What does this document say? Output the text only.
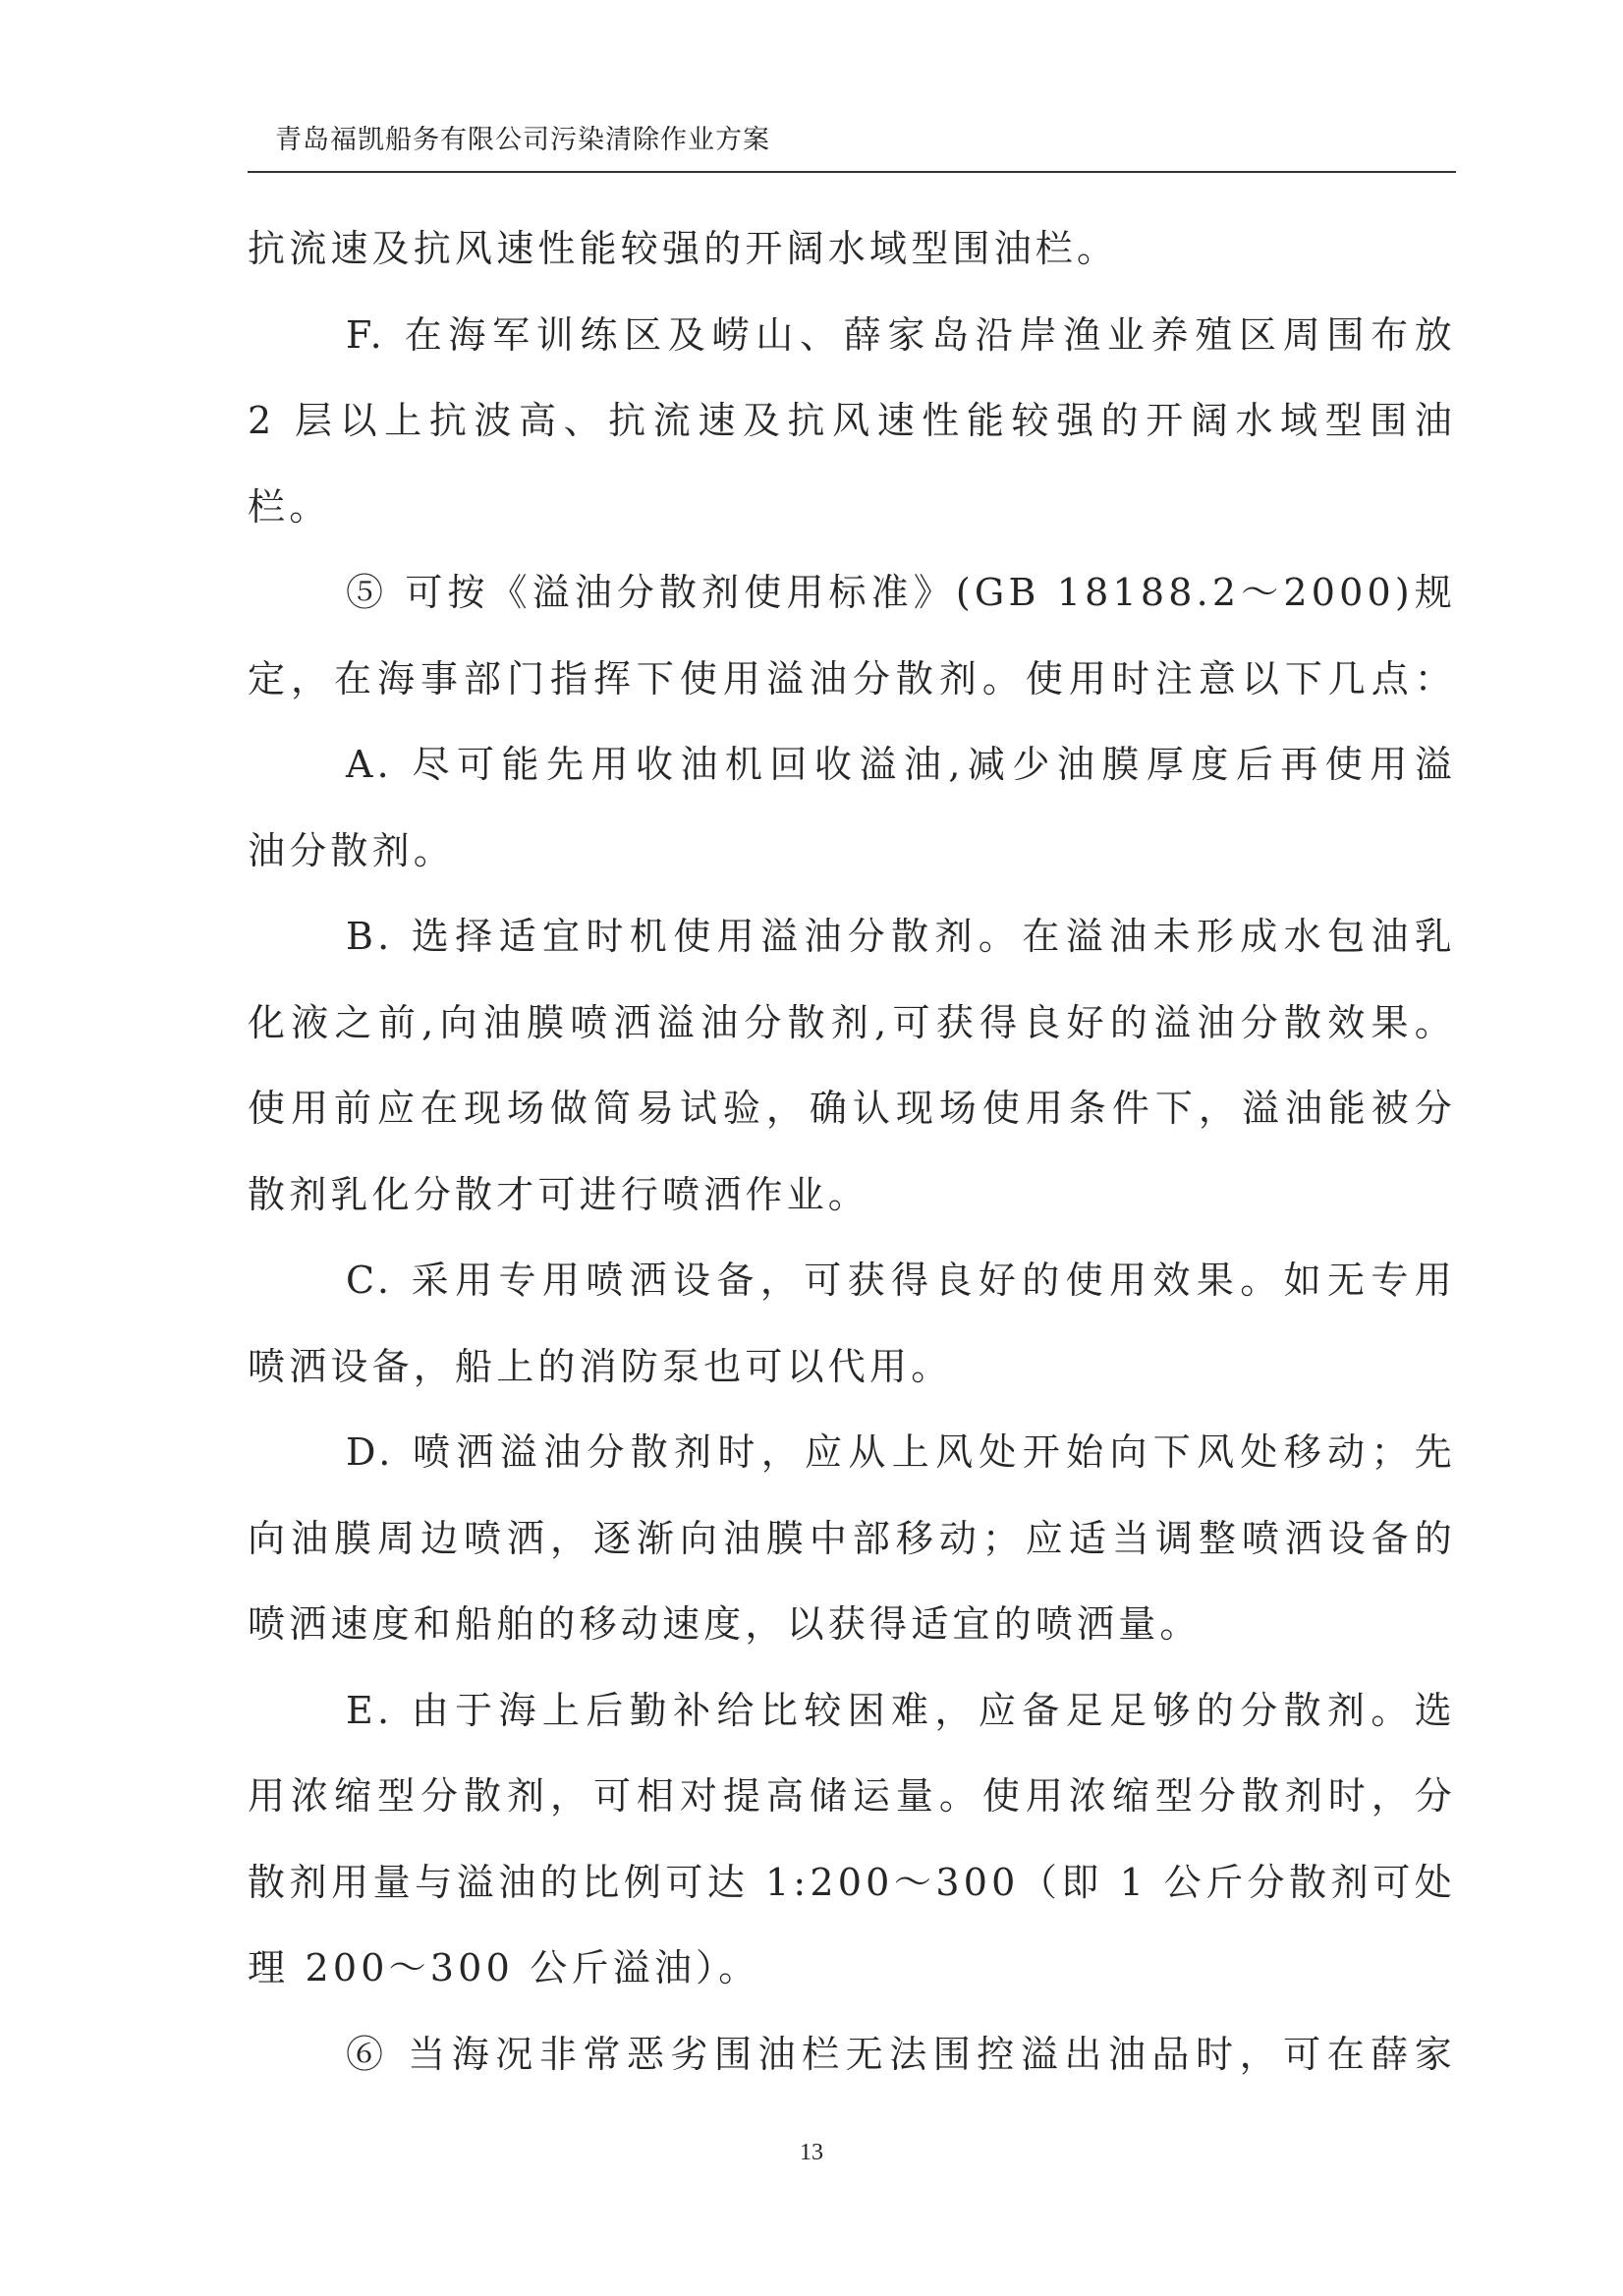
青岛福凯船务有限公司污染清除作业方案
抗流速及抗风速性能较强的开阔水域型围油栏。
F. 在海军训练区及崂山、薛家岛沿岸渔业养殖区周围布放
2 层以上抗波高、抗流速及抗风速性能较强的开阔水域型围油
栏。
⑤ 可按《溢油分散剂使用标准》(GB 18188.2～2000)规
定，在海事部门指挥下使用溢油分散剂。使用时注意以下几点：
A. 尽可能先用收油机回收溢油,减少油膜厚度后再使用溢
油分散剂。
B. 选择适宜时机使用溢油分散剂。在溢油未形成水包油乳
化液之前,向油膜喷洒溢油分散剂,可获得良好的溢油分散效果。
使用前应在现场做简易试验，确认现场使用条件下，溢油能被分
散剂乳化分散才可进行喷洒作业。
C. 采用专用喷洒设备，可获得良好的使用效果。如无专用
喷洒设备，船上的消防泵也可以代用。
D. 喷洒溢油分散剂时，应从上风处开始向下风处移动；先
向油膜周边喷洒，逐渐向油膜中部移动；应适当调整喷洒设备的
喷洒速度和船舶的移动速度，以获得适宜的喷洒量。
E. 由于海上后勤补给比较困难，应备足足够的分散剂。选
用浓缩型分散剂，可相对提高储运量。使用浓缩型分散剂时，分
散剂用量与溢油的比例可达 1:200～300（即 1 公斤分散剂可处
理 200～300 公斤溢油）。
⑥ 当海况非常恶劣围油栏无法围控溢出油品时，可在薛家
13
